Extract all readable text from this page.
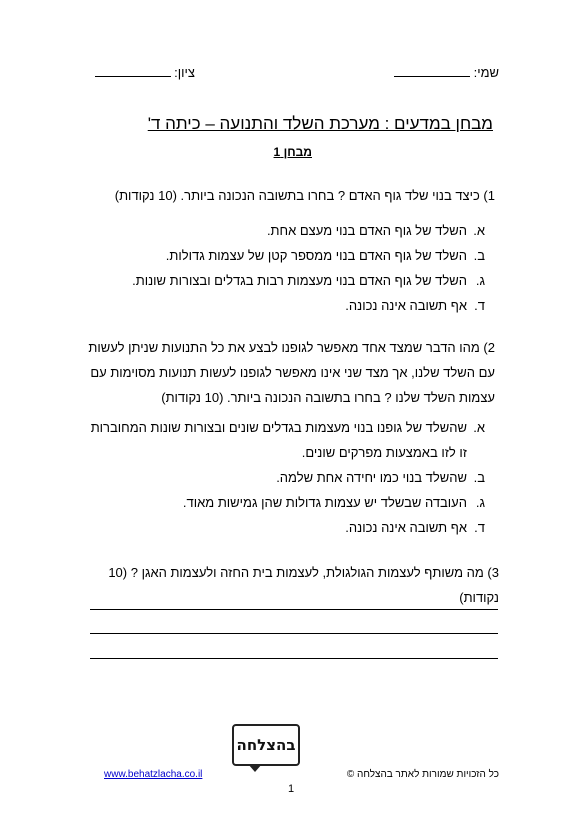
שמי:
ציון:
מבחן במדעים : מערכת השלד והתנועה – כיתה ד'
מבחן 1
1) כיצד בנוי שלד גוף האדם ? בחרו בתשובה הנכונה ביותר. (10 נקודות)
א.
השלד של גוף האדם בנוי מעצם אחת.
ב.
השלד של גוף האדם בנוי ממספר קטן של עצמות גדולות.
ג.
השלד של גוף האדם בנוי מעצמות רבות בגדלים ובצורות שונות.
ד.
אף תשובה אינה נכונה.
2) מהו הדבר שמצד אחד מאפשר לגופנו לבצע את כל התנועות שניתן לעשות
עם השלד שלנו, אך מצד שני אינו מאפשר לגופנו לעשות תנועות מסוימות עם
עצמות השלד שלנו ? בחרו בתשובה הנכונה ביותר. (10 נקודות)
א.
שהשלד של גופנו בנוי מעצמות בגדלים שונים ובצורות שונות המחוברות
זו לזו באמצעות מפרקים שונים.
ב.
שהשלד בנוי כמו יחידה אחת שלמה.
ג.
העובדה שבשלד יש עצמות גדולות שהן גמישות מאוד.
ד.
אף תשובה אינה נכונה.
3) מה משותף לעצמות הגולגולת, לעצמות בית החזה ולעצמות האגן ? (10 נקודות)
בהצלחה
www.behatzlacha.co.il	כל הזכויות שמורות לאתר בהצלחה ©
1
